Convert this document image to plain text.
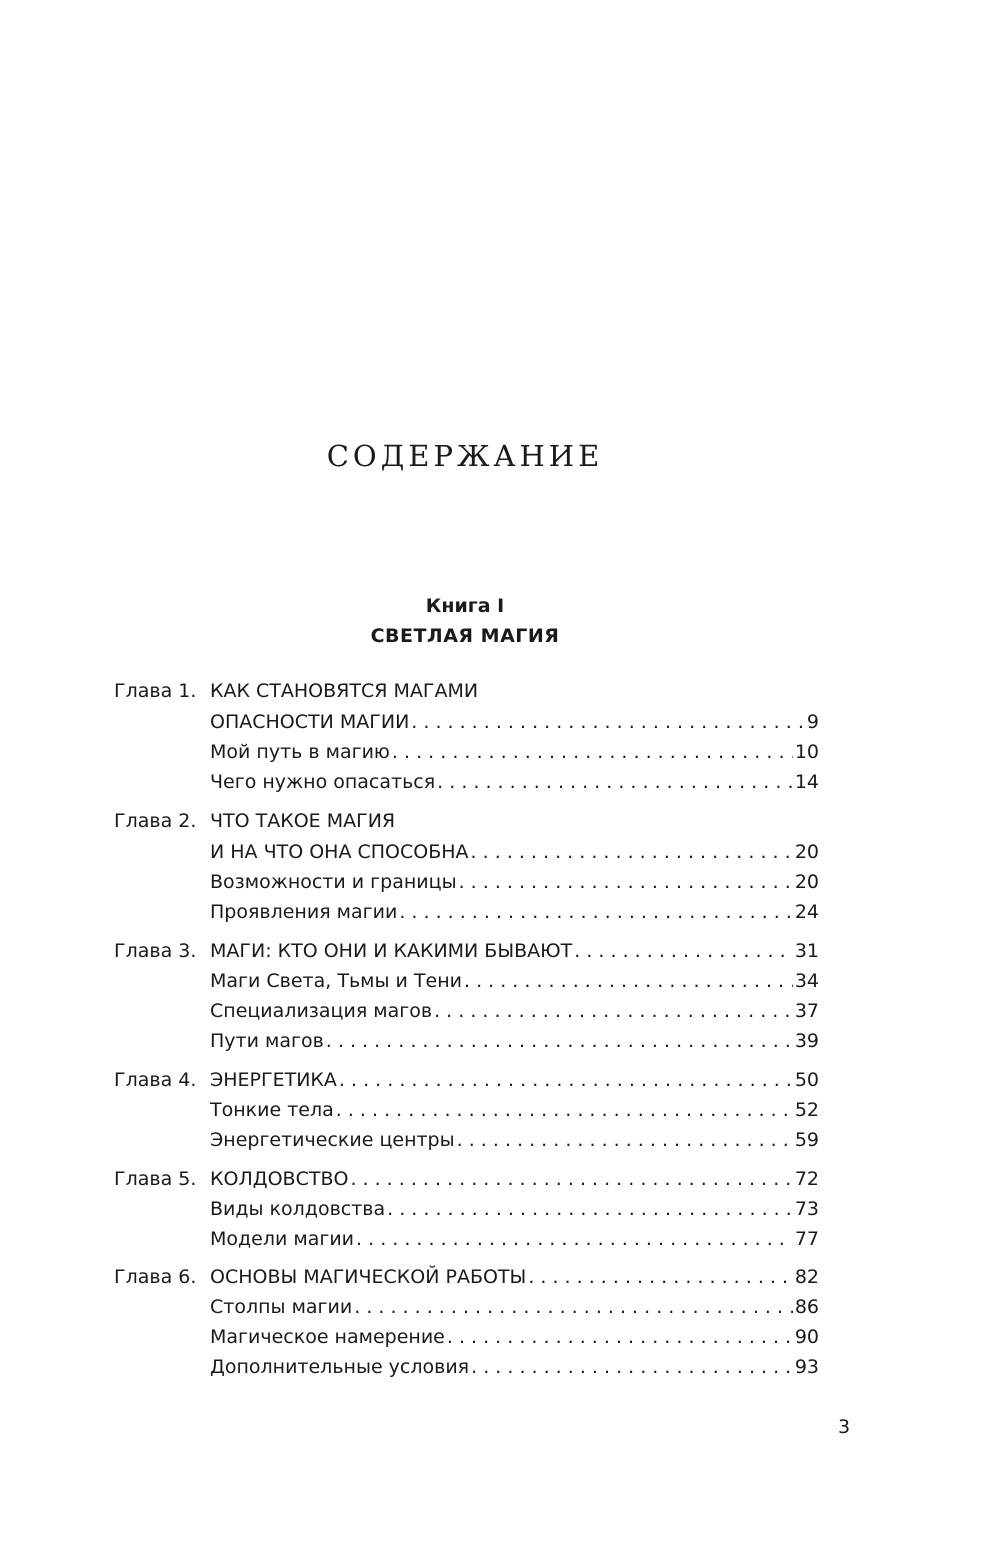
СОДЕРЖАНИЕ
Книга I
СВЕТЛАЯ МАГИЯ
Глава 1. КАК СТАНОВЯТСЯ МАГАМИ
ОПАСНОСТИ МАГИИ . . .	9
Мой путь в магию . . .	10
Чего нужно опасаться . . .	14
Глава 2. ЧТО ТАКОЕ МАГИЯ
И НА ЧТО ОНА СПОСОБНА . . .	20
Возможности и границы . . .	20
Проявления магии . . .	24
Глава 3. МАГИ: КТО ОНИ И КАКИМИ БЫВАЮТ . . .	31
Маги Света, Тьмы и Тени . . .	34
Специализация магов . . .	37
Пути магов . . .	39
Глава 4. ЭНЕРГЕТИКА . . .	50
Тонкие тела . . .	52
Энергетические центры . . .	59
Глава 5. КОЛДОВСТВО . . .	72
Виды колдовства . . .	73
Модели магии . . .	77
Глава 6. ОСНОВЫ МАГИЧЕСКОЙ РАБОТЫ . . .	82
Столпы магии . . .	86
Магическое намерение . . .	90
Дополнительные условия . . .	93
3
